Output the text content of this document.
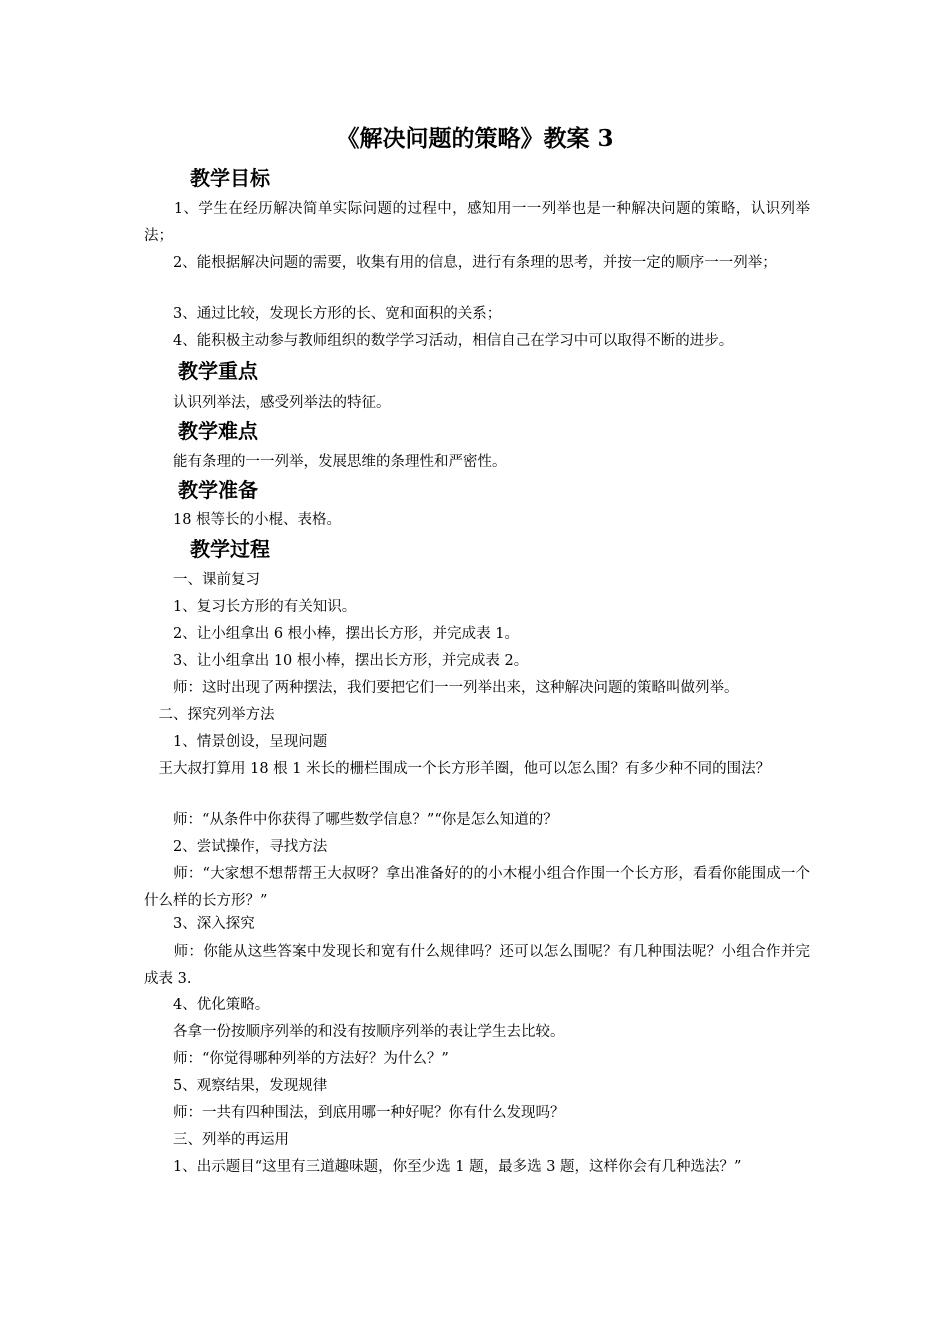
《解决问题的策略》教案 3
教学目标
　　1、学生在经历解决简单实际问题的过程中，感知用一一列举也是一种解决问题的策略，认识列举法；
　　2、能根据解决问题的需要，收集有用的信息，进行有条理的思考，并按一定的顺序一一列举；
　　3、通过比较，发现长方形的长、宽和面积的关系；
　　4、能积极主动参与教师组织的数学学习活动，相信自己在学习中可以取得不断的进步。
教学重点
　　认识列举法，感受列举法的特征。
教学难点
　　能有条理的一一列举，发展思维的条理性和严密性。
教学准备
　　18 根等长的小棍、表格。
教学过程
　　一、课前复习
　　1、复习长方形的有关知识。
　　2、让小组拿出 6 根小棒，摆出长方形，并完成表 1。
　　3、让小组拿出 10 根小棒，摆出长方形，并完成表 2。
　　师：这时出现了两种摆法，我们要把它们一一列举出来，这种解决问题的策略叫做列举。
　二、探究列举方法
　　1、情景创设，呈现问题
　王大叔打算用 18 根 1 米长的栅栏围成一个长方形羊圈，他可以怎么围？有多少种不同的围法？
　　师：“从条件中你获得了哪些数学信息？”“你是怎么知道的？
　　2、尝试操作，寻找方法
　　师：“大家想不想帮帮王大叔呀？拿出准备好的的小木棍小组合作围一个长方形，看看你能围成一个什么样的长方形？”
　　3、深入探究
　　师：你能从这些答案中发现长和宽有什么规律吗？还可以怎么围呢？有几种围法呢？小组合作并完成表 3.
　　4、优化策略。
　　各拿一份按顺序列举的和没有按顺序列举的表让学生去比较。
　　师：“你觉得哪种列举的方法好？为什么？”
　　5、观察结果，发现规律
　　师：一共有四种围法，到底用哪一种好呢？你有什么发现吗？
　　三、列举的再运用
　　1、出示题目“这里有三道趣味题，你至少选 1 题，最多选 3 题，这样你会有几种选法？”
